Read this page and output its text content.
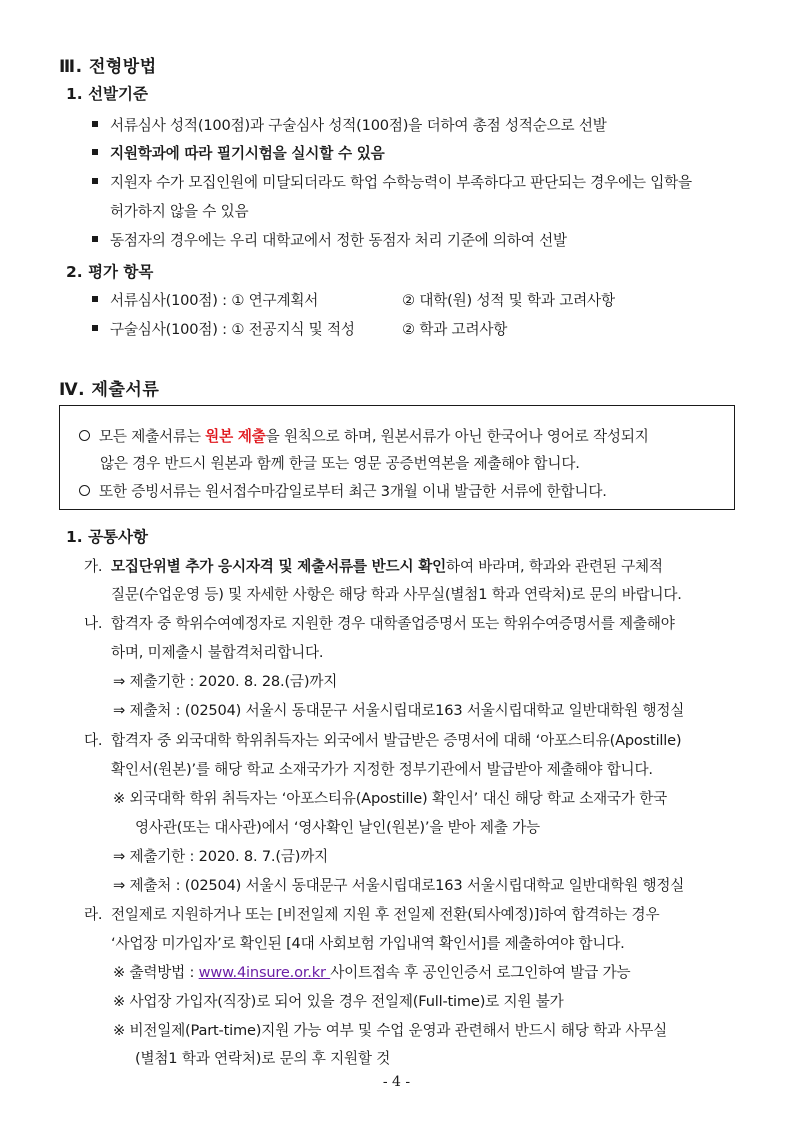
Ⅲ. 전형방법
1. 선발기준
서류심사 성적(100점)과 구술심사 성적(100점)을 더하여 총점 성적순으로 선발
지원학과에 따라 필기시험을 실시할 수 있음
지원자 수가 모집인원에 미달되더라도 학업 수학능력이 부족하다고 판단되는 경우에는 입학을
허가하지 않을 수 있음
동점자의 경우에는 우리 대학교에서 정한 동점자 처리 기준에 의하여 선발
2. 평가 항목
서류심사(100점) : ① 연구계획서	② 대학(원) 성적 및 학과 고려사항
구술심사(100점) : ① 전공지식 및 적성	② 학과 고려사항
Ⅳ. 제출서류
모든 제출서류는 원본 제출을 원칙으로 하며, 원본서류가 아닌 한국어나 영어로 작성되지
않은 경우 반드시 원본과 함께 한글 또는 영문 공증번역본을 제출해야 합니다.
또한 증빙서류는 원서접수마감일로부터 최근 3개월 이내 발급한 서류에 한합니다.
1. 공통사항
가. 모집단위별 추가 응시자격 및 제출서류를 반드시 확인하여 바라며, 학과와 관련된 구체적
질문(수업운영 등) 및 자세한 사항은 해당 학과 사무실(별첨1 학과 연락처)로 문의 바랍니다.
나. 합격자 중 학위수여예정자로 지원한 경우 대학졸업증명서 또는 학위수여증명서를 제출해야
하며, 미제출시 불합격처리합니다.
⇒ 제출기한 : 2020. 8. 28.(금)까지
⇒ 제출처 : (02504) 서울시 동대문구 서울시립대로163 서울시립대학교 일반대학원 행정실
다. 합격자 중 외국대학 학위취득자는 외국에서 발급받은 증명서에 대해 ‘아포스티유(Apostille)
확인서(원본)’를 해당 학교 소재국가가 지정한 정부기관에서 발급받아 제출해야 합니다.
※ 외국대학 학위 취득자는 ‘아포스티유(Apostille) 확인서’ 대신 해당 학교 소재국가 한국
영사관(또는 대사관)에서 ‘영사확인 날인(원본)’을 받아 제출 가능
⇒ 제출기한 : 2020. 8. 7.(금)까지
⇒ 제출처 : (02504) 서울시 동대문구 서울시립대로163 서울시립대학교 일반대학원 행정실
라. 전일제로 지원하거나 또는 [비전일제 지원 후 전일제 전환(퇴사예정)]하여 합격하는 경우
‘사업장 미가입자’로 확인된 [4대 사회보험 가입내역 확인서]를 제출하여야 합니다.
※ 출력방법 : www.4insure.or.kr 사이트접속 후 공인인증서 로그인하여 발급 가능
※ 사업장 가입자(직장)로 되어 있을 경우 전일제(Full-time)로 지원 불가
※ 비전일제(Part-time)지원 가능 여부 및 수업 운영과 관련해서 반드시 해당 학과 사무실
(별첨1 학과 연락처)로 문의 후 지원할 것
- 4 -
